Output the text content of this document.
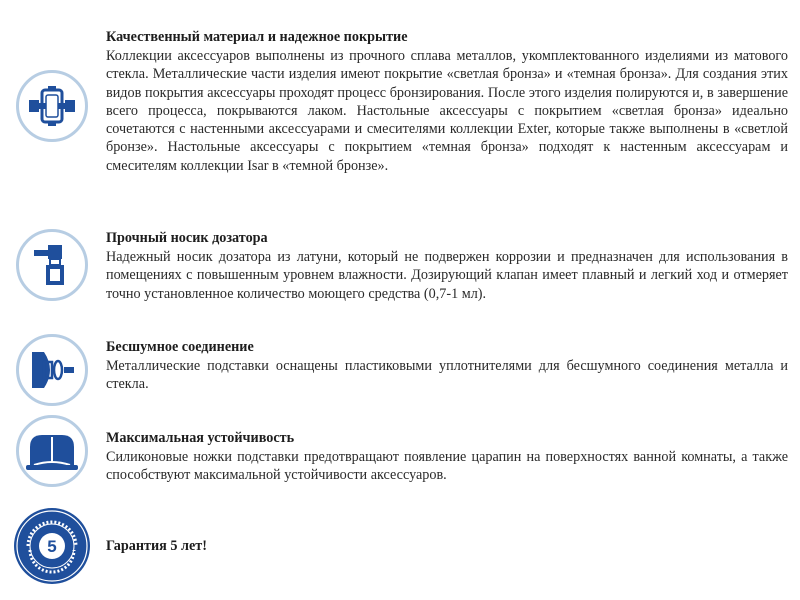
Качественный материал и надежное покрытие

Коллекции аксессуаров выполнены из прочного сплава металлов, укомплектованного изделиями из матового стекла. Металлические части изделия имеют покрытие «светлая бронза» и «темная бронза». Для создания этих видов покрытия аксессуары проходят процесс бронзирования. После этого изделия полируются и, в завершение всего процесса, покрываются лаком. Настольные аксессуары с покрытием «светлая бронза» идеально сочетаются с настенными аксессуарами и смесителями коллекции Exter, которые также выполнены в «светлой бронзе». Настольные аксессуары с покрытием «темная бронза» подходят к настенным аксессуарам и смесителям коллекции Isar в «темной бронзе».

Прочный носик дозатора

Надежный носик дозатора из латуни, который не подвержен коррозии и предназначен для использования в помещениях с повышенным уровнем влажности. Дозирующий клапан имеет плавный и легкий ход и отмеряет точно установленное количество моющего средства (0,7-1 мл).

Бесшумное соединение

Металлические подставки оснащены пластиковыми уплотнителями для бесшумного соединения металла и стекла.

Максимальная устойчивость

Силиконовые ножки подставки предотвращают появление царапин на поверхностях ванной комнаты, а также способствуют максимальной устойчивости аксессуаров.

5	Гарантия 5 лет!
